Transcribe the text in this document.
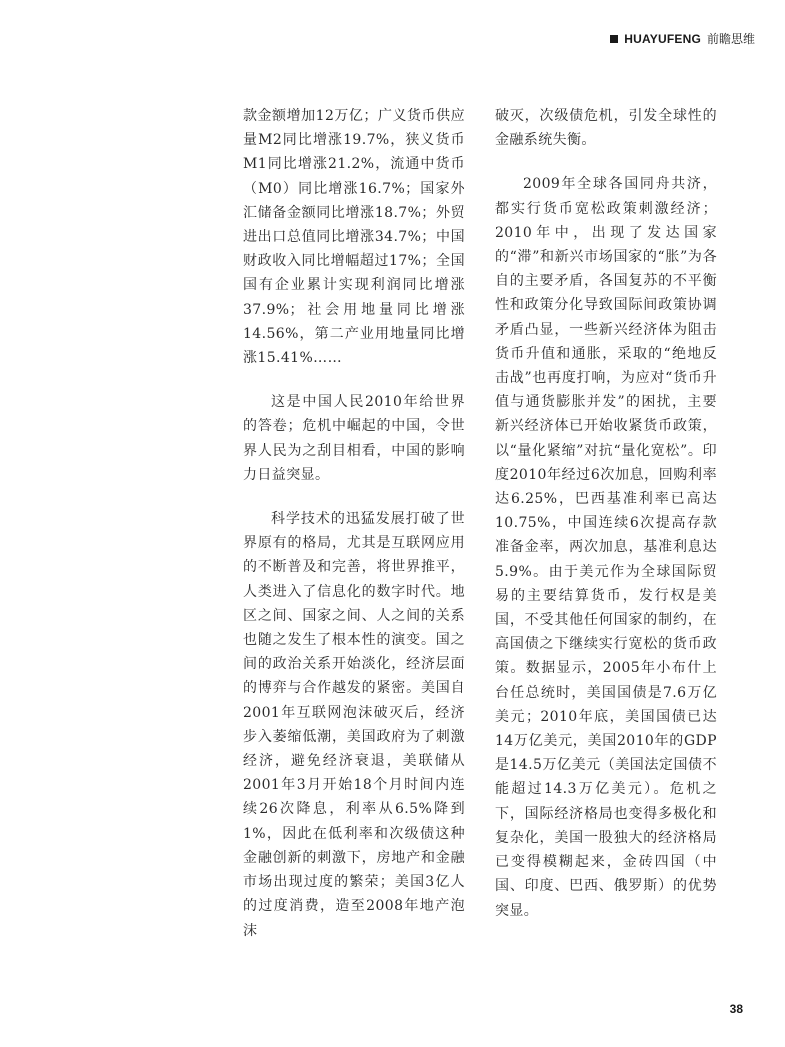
HUAYUFENG 前瞻思维

款金额增加12万亿；广义货币供应量M2同比增涨19.7%，狭义货币M1同比增涨21.2%，流通中货币（M0）同比增涨16.7%；国家外汇储备金额同比增涨18.7%；外贸进出口总值同比增涨34.7%；中国财政收入同比增幅超过17%；全国国有企业累计实现利润同比增涨37.9%；社会用地量同比增涨14.56%，第二产业用地量同比增涨15.41%……

这是中国人民2010年给世界的答卷；危机中崛起的中国，令世界人民为之刮目相看，中国的影响力日益突显。

科学技术的迅猛发展打破了世界原有的格局，尤其是互联网应用的不断普及和完善，将世界推平，人类进入了信息化的数字时代。地区之间、国家之间、人之间的关系也随之发生了根本性的演变。国之间的政治关系开始淡化，经济层面的博弈与合作越发的紧密。美国自2001年互联网泡沫破灭后，经济步入萎缩低潮，美国政府为了刺激经济，避免经济衰退，美联储从2001年3月开始18个月时间内连续26次降息，利率从6.5%降到1%，因此在低利率和次级债这种金融创新的刺激下，房地产和金融市场出现过度的繁荣；美国3亿人的过度消费，造至2008年地产泡沫

破灭，次级债危机，引发全球性的金融系统失衡。

2009年全球各国同舟共济，都实行货币宽松政策刺激经济；2010年中，出现了发达国家的“滞”和新兴市场国家的“胀”为各自的主要矛盾，各国复苏的不平衡性和政策分化导致国际间政策协调矛盾凸显，一些新兴经济体为阻击货币升值和通胀，采取的“绝地反击战”也再度打响，为应对“货币升值与通货膨胀并发”的困扰，主要新兴经济体已开始收紧货币政策，以“量化紧缩”对抗“量化宽松”。印度2010年经过6次加息，回购利率达6.25%，巴西基准利率已高达10.75%，中国连续6次提高存款准备金率，两次加息，基准利息达5.9%。由于美元作为全球国际贸易的主要结算货币，发行权是美国，不受其他任何国家的制约，在高国债之下继续实行宽松的货币政策。数据显示，2005年小布什上台任总统时，美国国债是7.6万亿美元；2010年底，美国国债已达14万亿美元，美国2010年的GDP是14.5万亿美元（美国法定国债不能超过14.3万亿美元）。危机之下，国际经济格局也变得多极化和复杂化，美国一股独大的经济格局已变得模糊起来，金砖四国（中国、印度、巴西、俄罗斯）的优势突显。

38
